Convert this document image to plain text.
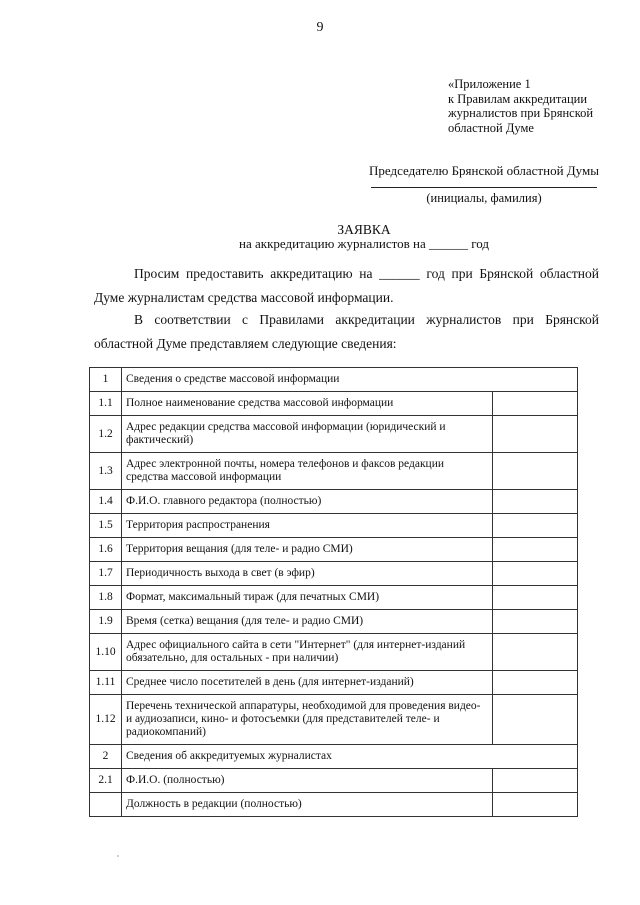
9
«Приложение 1
к Правилам аккредитации
журналистов при Брянской
областной Думе
Председателю Брянской областной Думы
(инициалы, фамилия)
ЗАЯВКА
на аккредитацию журналистов на ______ год
Просим предоставить аккредитацию на ______ год при Брянской областной Думе журналистам средства массовой информации.
В соответствии с Правилами аккредитации журналистов при Брянской областной Думе представляем следующие сведения:
1	Сведения о средстве массовой информации	
1.1	Полное наименование средства массовой информации	
1.2	Адрес редакции средства массовой информации (юридический и фактический)	
1.3	Адрес электронной почты, номера телефонов и факсов редакции средства массовой информации	
1.4	Ф.И.О. главного редактора (полностью)	
1.5	Территория распространения	
1.6	Территория вещания (для теле- и радио СМИ)	
1.7	Периодичность выхода в свет (в эфир)	
1.8	Формат, максимальный тираж (для печатных СМИ)	
1.9	Время (сетка) вещания (для теле- и радио СМИ)	
1.10	Адрес официального сайта в сети "Интернет" (для интернет-изданий обязательно, для остальных - при наличии)	
1.11	Среднее число посетителей в день (для интернет-изданий)	
1.12	Перечень технической аппаратуры, необходимой для проведения видео- и аудиозаписи, кино- и фотосъемки (для представителей теле- и радиокомпаний)	
2	Сведения об аккредитуемых журналистах	
2.1	Ф.И.О. (полностью)	
	Должность в редакции (полностью)	
